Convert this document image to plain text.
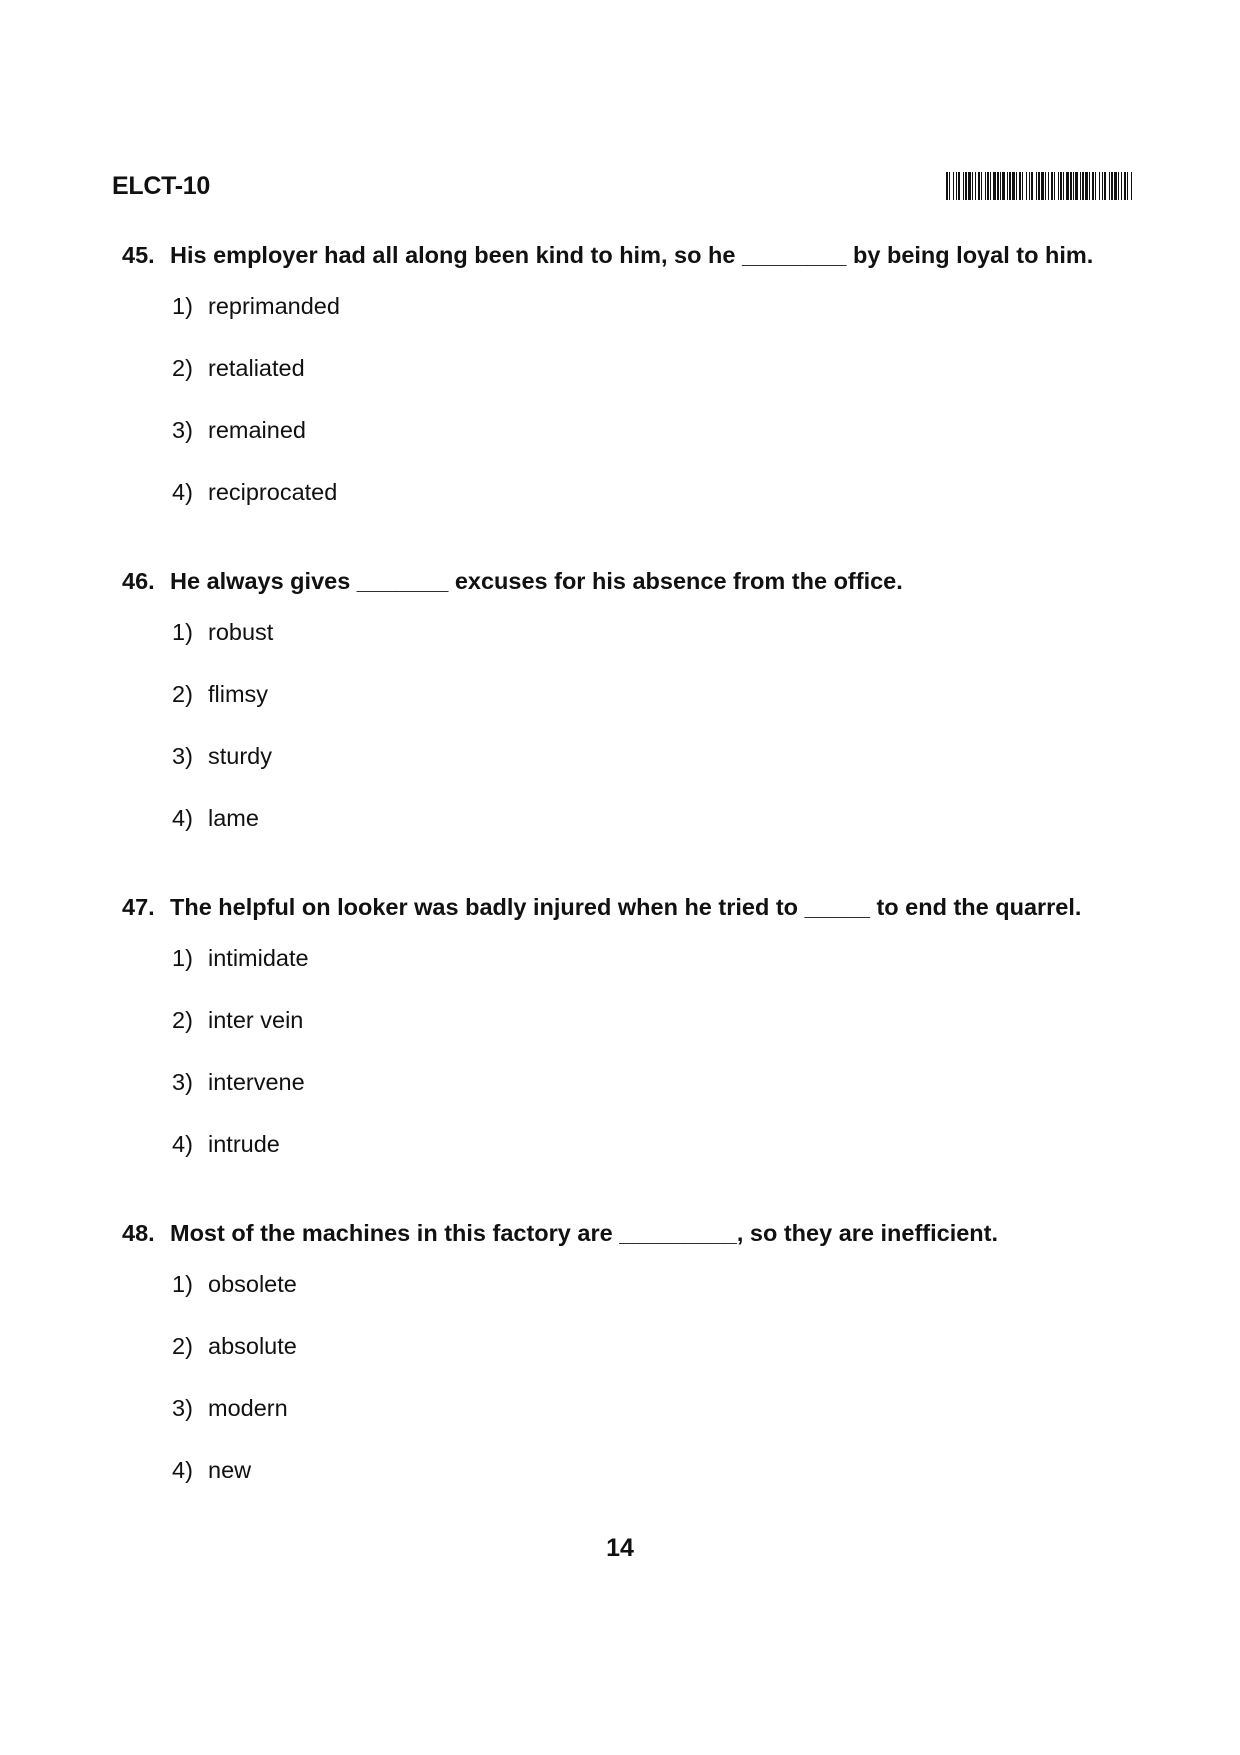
ELCT-10
45. His employer had all along been kind to him, so he ________ by being loyal to him.
1) reprimanded
2) retaliated
3) remained
4) reciprocated
46. He always gives _______ excuses for his absence from the office.
1) robust
2) flimsy
3) sturdy
4) lame
47. The helpful on looker was badly injured when he tried to _____ to end the quarrel.
1) intimidate
2) inter vein
3) intervene
4) intrude
48. Most of the machines in this factory are _________, so they are inefficient.
1) obsolete
2) absolute
3) modern
4) new
14
